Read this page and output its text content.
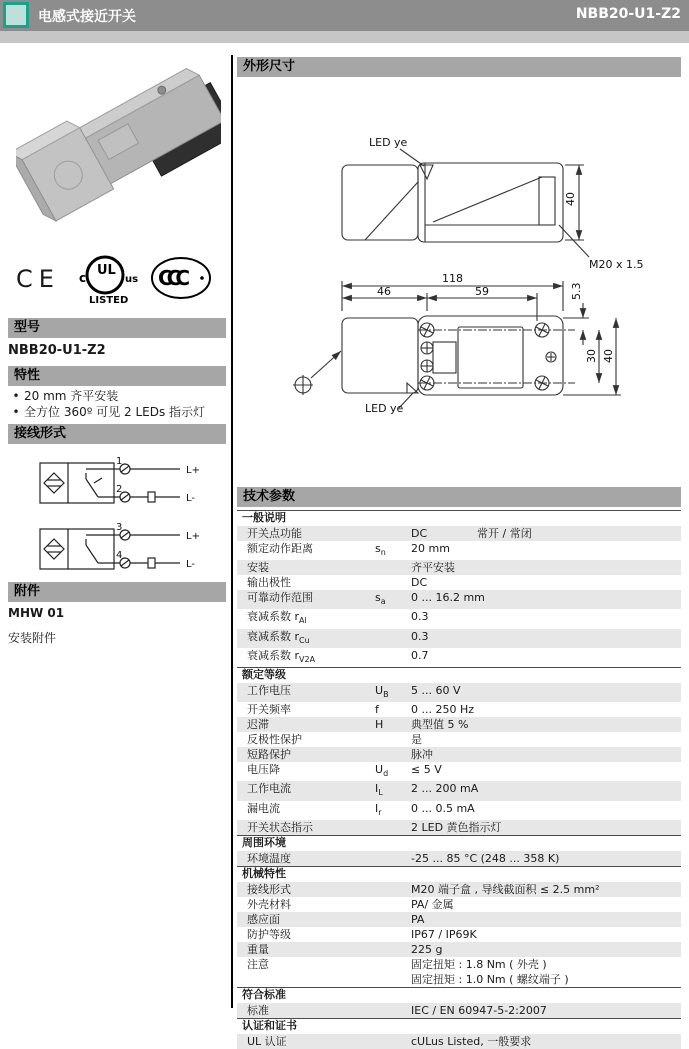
电感式接近开关	NBB20-U1-Z2
CE	UL
c	us
LISTED
CCC
型号
NBB20-U1-Z2
特性
• 20 mm 齐平安装
• 全方位 360º 可见 2 LEDs 指示灯
接线形式
1
2
3
4
L+
L-
L+
L-
附件
MHW 01
安装附件
外形尺寸
LED ye
M20 x 1.5
118
46	59
40
5.3
30 40
LED ye
技术参数
一般说明
开关点功能	DC	常开 / 常闭
额定动作距离	$s_n$	20 mm
安装	齐平安装
输出极性	DC
可靠动作范围	$s_a$	0 ... 16.2 mm
衰减系数 $r_{Al}$	0.3
衰减系数 $r_{Cu}$	0.3
衰减系数 $r_{V2A}$	0.7
额定等级
工作电压	$U_B$	5 ... 60 V
开关频率	f	0 ... 250 Hz
迟滞	H	典型值 5 %
反极性保护	是
短路保护	脉冲
电压降	$U_d$	≤ 5 V
工作电流	$I_L$	2 ... 200 mA
漏电流	$I_r$	0 ... 0.5 mA
开关状态指示	2 LED 黄色指示灯
周围环境
环境温度	-25 ... 85 °C (248 ... 358 K)
机械特性
接线形式	M20 端子盒 , 导线截面积 ≤ 2.5 mm²
外壳材料	PA/ 金属
感应面	PA
防护等级	IP67 / IP69K
重量	225 g
注意	固定扭矩 : 1.8 Nm ( 外壳 )
固定扭矩 : 1.0 Nm ( 螺纹端子 )
符合标准
标准	IEC / EN 60947-5-2:2007
认证和证书
UL 认证	cULus Listed, 一般要求
